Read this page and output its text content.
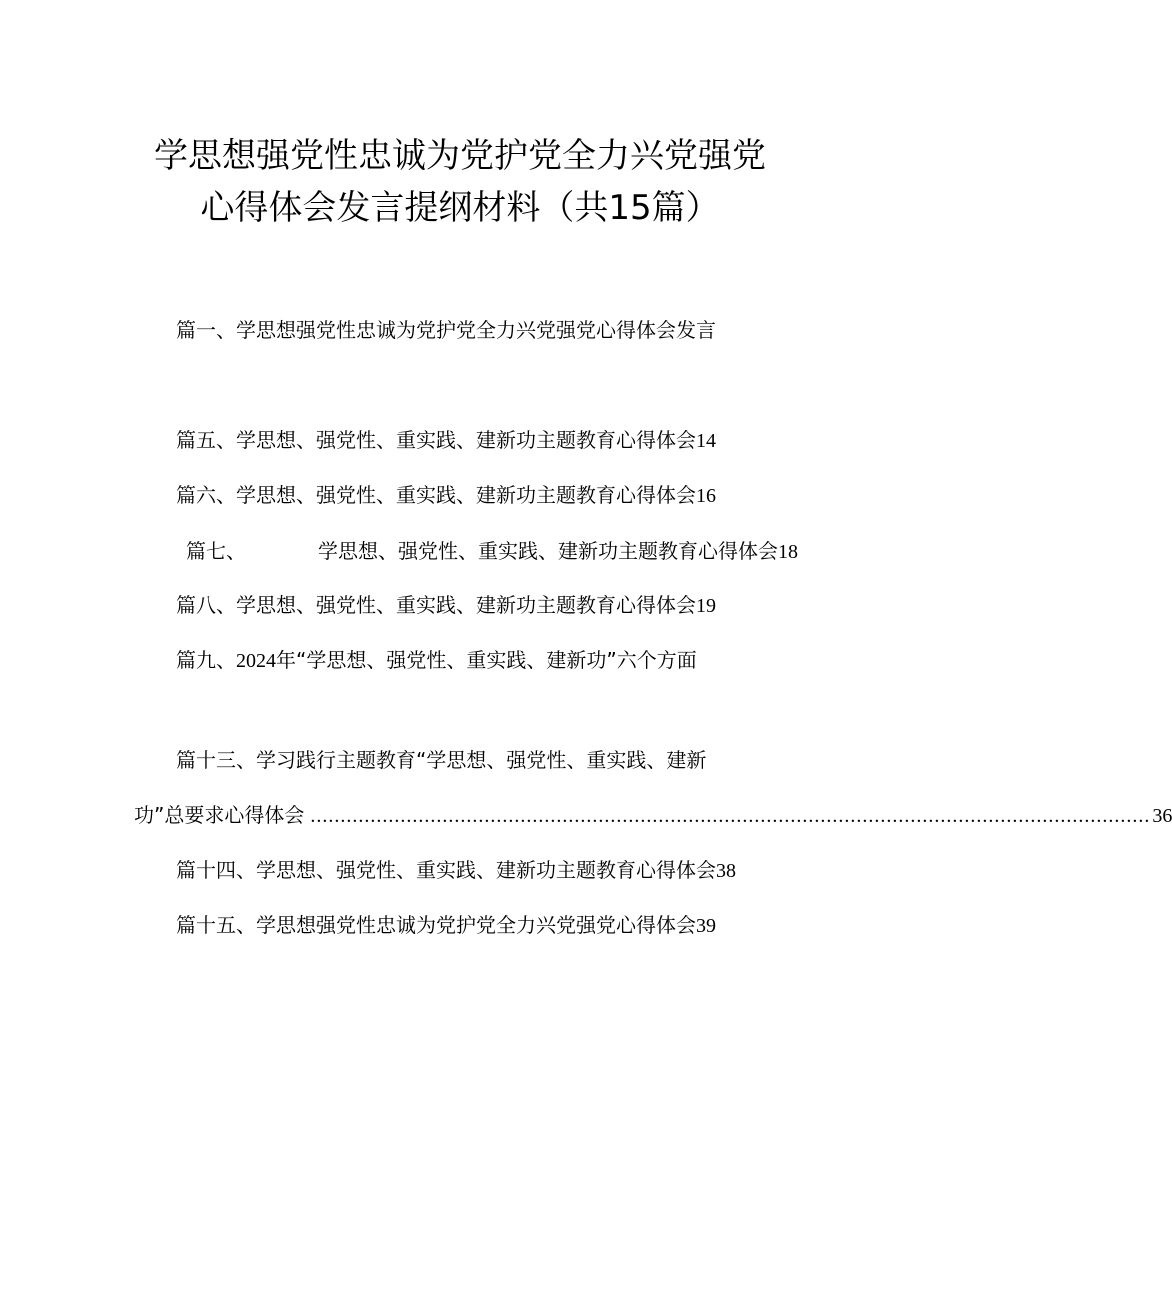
学思想强党性忠诚为党护党全力兴党强党
心得体会发言提纲材料（共15篇）
篇一、学思想强党性忠诚为党护党全力兴党强党心得体会发言
篇五、学思想、强党性、重实践、建新功主题教育心得体会14
篇六、学思想、强党性、重实践、建新功主题教育心得体会16
篇七、	学思想、强党性、重实践、建新功主题教育心得体会18
篇八、学思想、强党性、重实践、建新功主题教育心得体会19
篇九、2024年“学思想、强党性、重实践、建新功”六个方面
篇十三、学习践行主题教育“学思想、强党性、重实践、建新
功”总要求心得体会 ............................................................................................................................................ 36
篇十四、学思想、强党性、重实践、建新功主题教育心得体会38
篇十五、学思想强党性忠诚为党护党全力兴党强党心得体会39
